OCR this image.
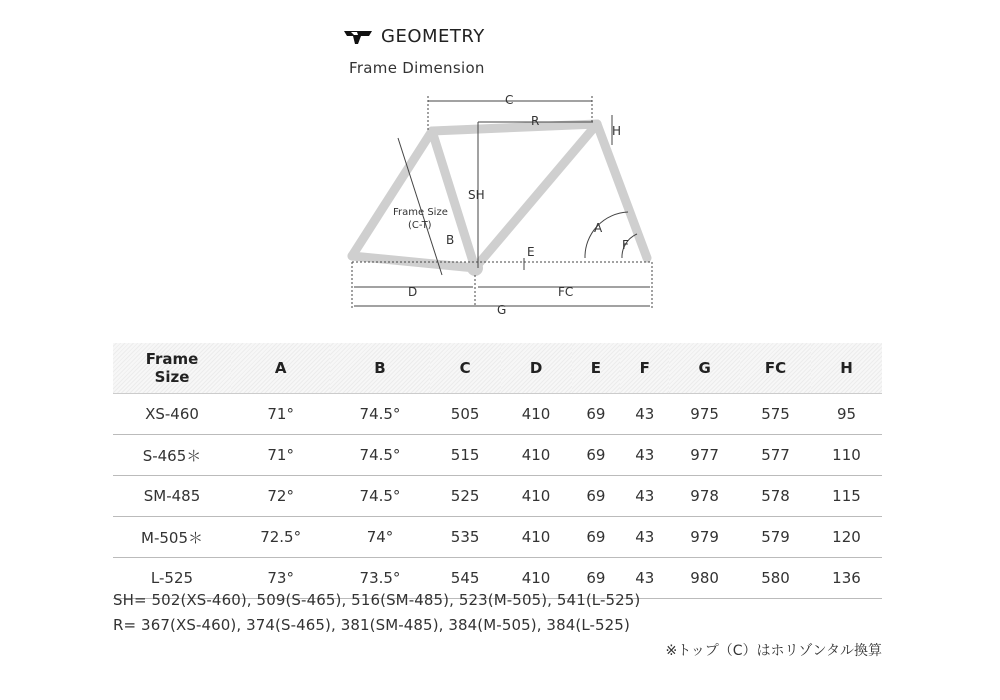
GEOMETRY
Frame Dimension
C
R
H
SH
Frame Size
(C-T)
B
A
F
E
D	FC
G
Frame
Size	A	B	C	D	E	F	G	FC	H
XS-460	71°	74.5°	505	410	69	43	975	575	95
S-465＊	71°	74.5°	515	410	69	43	977	577	110
SM-485	72°	74.5°	525	410	69	43	978	578	115
M-505＊	72.5°	74°	535	410	69	43	979	579	120
L-525	73°	73.5°	545	410	69	43	980	580	136
SH= 502(XS-460), 509(S-465), 516(SM-485), 523(M-505), 541(L-525)
R= 367(XS-460), 374(S-465), 381(SM-485), 384(M-505), 384(L-525)
※トップ（C）はホリゾンタル換算
